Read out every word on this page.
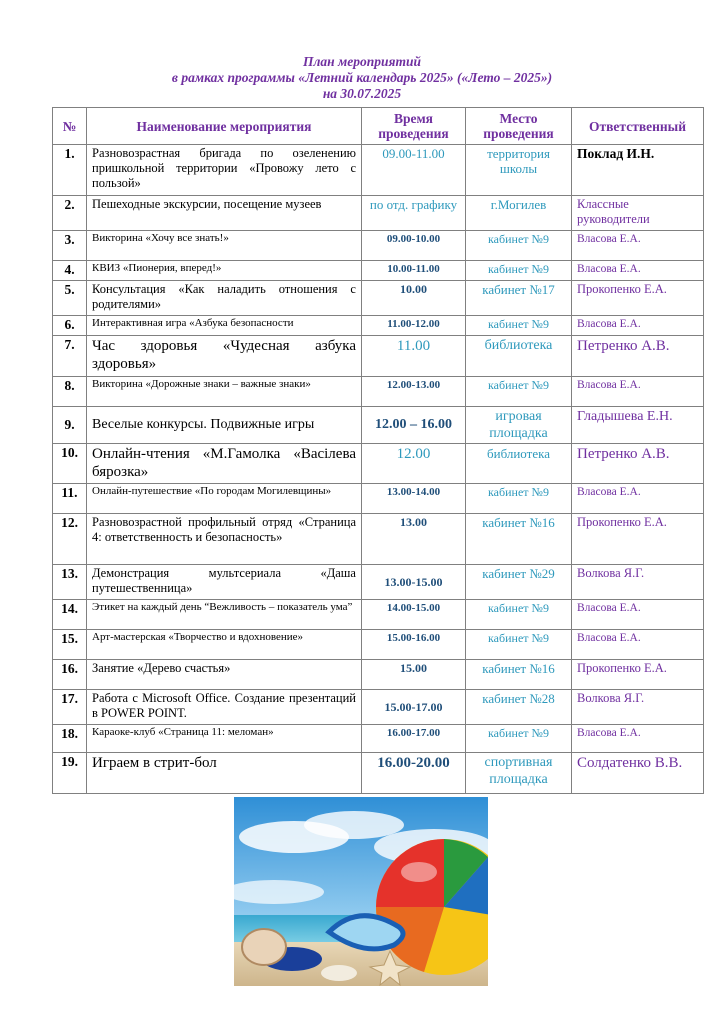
План мероприятий
в рамках программы «Летний календарь 2025» («Лето – 2025»)
на 30.07.2025
№	Наименование мероприятия	Время проведения	Место проведения	Ответственный
1.	Разновозрастная бригада по озеленению пришкольной территории «Провожу лето с пользой»	09.00-11.00	территория школы	Поклад И.Н.
2.	Пешеходные экскурсии, посещение музеев	по отд. графику	г.Могилев	Классные руководители
3.	Викторина «Хочу все знать!»	09.00-10.00	кабинет №9	Власова Е.А.
4.	КВИЗ «Пионерия, вперед!»	10.00-11.00	кабинет №9	Власова Е.А.
5.	Консультация «Как наладить отношения с родителями»	10.00	кабинет №17	Прокопенко Е.А.
6.	Интерактивная игра «Азбука безопасности	11.00-12.00	кабинет №9	Власова Е.А.
7.	Час здоровья «Чудесная азбука здоровья»	11.00	библиотека	Петренко А.В.
8.	Викторина «Дорожные знаки – важные знаки»	12.00-13.00	кабинет №9	Власова Е.А.
9.	Веселые конкурсы. Подвижные игры	12.00 – 16.00	игровая площадка	Гладышева Е.Н.
10.	Онлайн-чтения «М.Гамолка «Васілева бярозка»	12.00	библиотека	Петренко А.В.
11.	Онлайн-путешествие «По городам Могилевщины»	13.00-14.00	кабинет №9	Власова Е.А.
12.	Разновозрастной профильный отряд «Страница 4: ответственность и безопасность»	13.00	кабинет №16	Прокопенко Е.А.
13.	Демонстрация мультсериала «Даша путешественница»	13.00-15.00	кабинет №29	Волкова Я.Г.
14.	Этикет на каждый день “Вежливость – показатель ума”	14.00-15.00	кабинет №9	Власова Е.А.
15.	Арт-мастерская «Творчество и вдохновение»	15.00-16.00	кабинет №9	Власова Е.А.
16.	Занятие «Дерево счастья»	15.00	кабинет №16	Прокопенко Е.А.
17.	Работа с Microsoft Office. Создание презентаций в POWER POINT.	15.00-17.00	кабинет №28	Волкова Я.Г.
18.	Караоке-клуб «Страница 11: меломан»	16.00-17.00	кабинет №9	Власова Е.А.
19.	Играем в стрит-бол	16.00-20.00	спортивная площадка	Солдатенко В.В.
